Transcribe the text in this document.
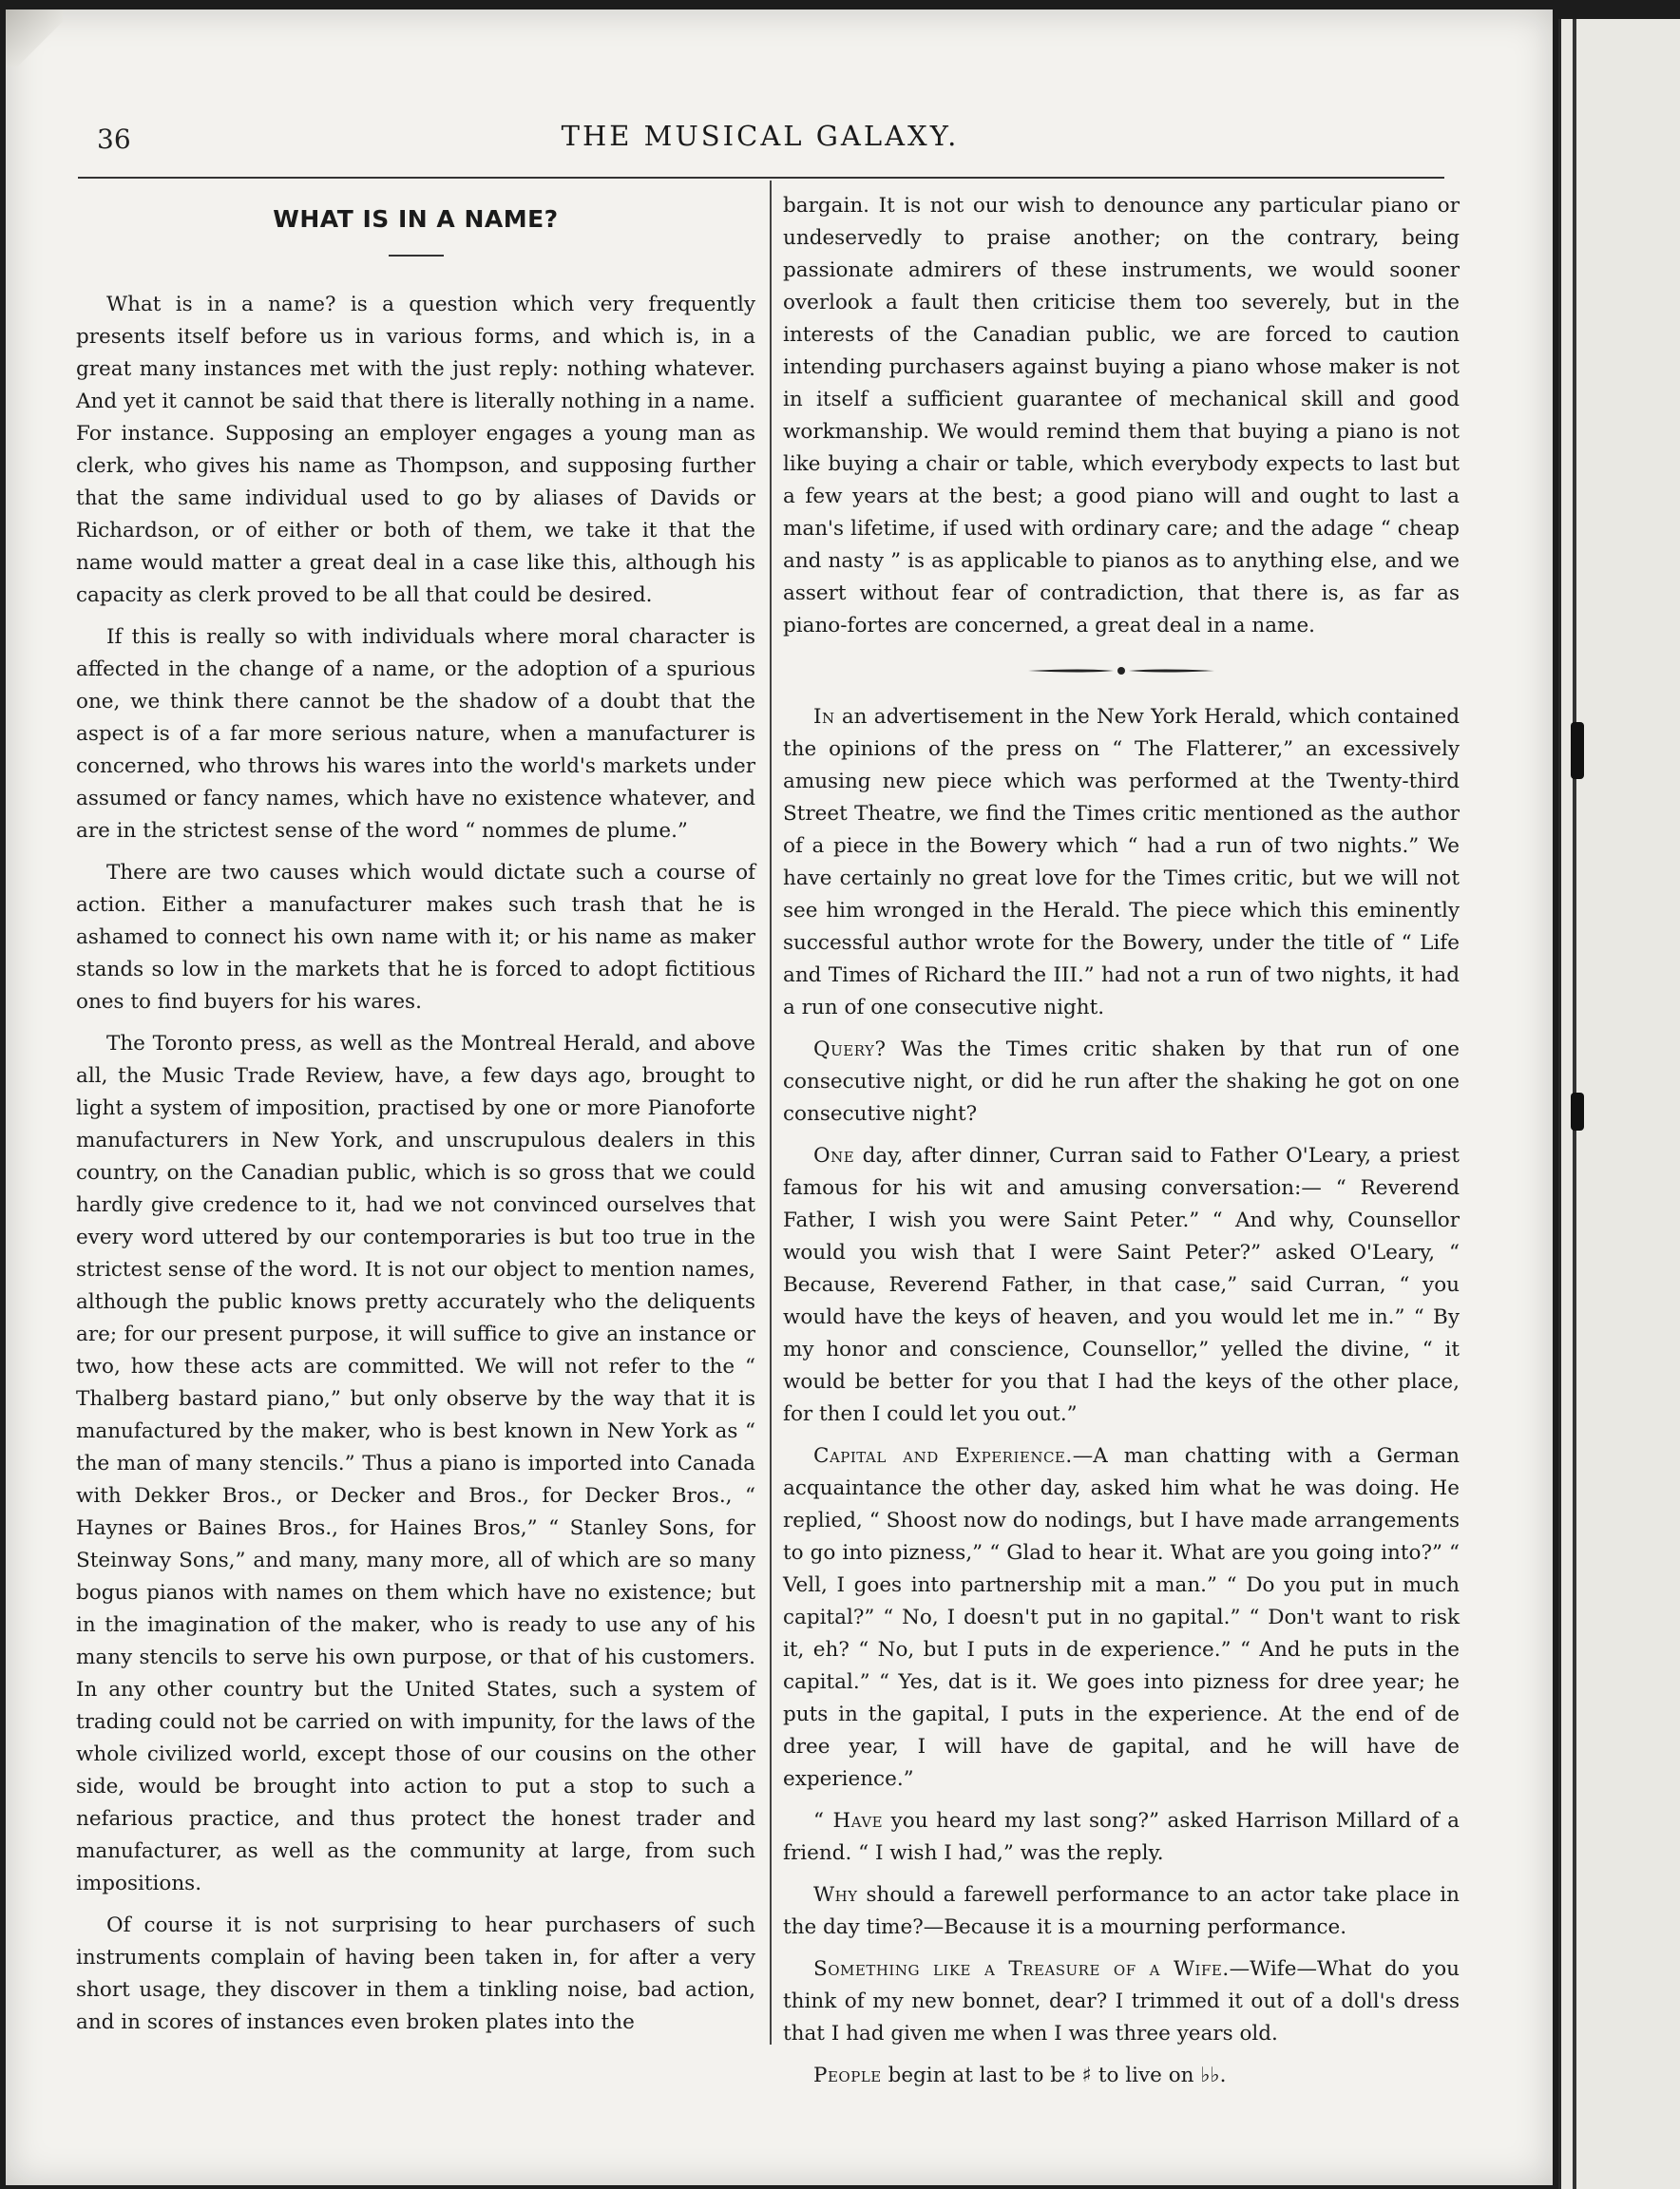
36	THE MUSICAL GALAXY.
WHAT IS IN A NAME?

What is in a name? is a question which very frequently presents itself before us in various forms, and which is, in a great many instances met with the just reply: nothing whatever. And yet it cannot be said that there is literally nothing in a name. For instance. Supposing an employer engages a young man as clerk, who gives his name as Thompson, and supposing further that the same individual used to go by aliases of Davids or Richardson, or of either or both of them, we take it that the name would matter a great deal in a case like this, although his capacity as clerk proved to be all that could be desired.

If this is really so with individuals where moral character is affected in the change of a name, or the adoption of a spurious one, we think there cannot be the shadow of a doubt that the aspect is of a far more serious nature, when a manufacturer is concerned, who throws his wares into the world's markets under assumed or fancy names, which have no existence whatever, and are in the strictest sense of the word “ nommes de plume.”

There are two causes which would dictate such a course of action. Either a manufacturer makes such trash that he is ashamed to connect his own name with it; or his name as maker stands so low in the markets that he is forced to adopt fictitious ones to find buyers for his wares.

The Toronto press, as well as the Montreal Herald, and above all, the Music Trade Review, have, a few days ago, brought to light a system of imposition, practised by one or more Pianoforte manufacturers in New York, and unscrupulous dealers in this country, on the Canadian public, which is so gross that we could hardly give credence to it, had we not convinced ourselves that every word uttered by our contemporaries is but too true in the strictest sense of the word. It is not our object to mention names, although the public knows pretty accurately who the deliquents are; for our present purpose, it will suffice to give an instance or two, how these acts are committed. We will not refer to the “ Thalberg bastard piano,” but only observe by the way that it is manufactured by the maker, who is best known in New York as “ the man of many stencils.” Thus a piano is imported into Canada with Dekker Bros., or Decker and Bros., for Decker Bros., “ Haynes or Baines Bros., for Haines Bros,” “ Stanley Sons, for Steinway Sons,” and many, many more, all of which are so many bogus pianos with names on them which have no existence; but in the imagination of the maker, who is ready to use any of his many stencils to serve his own purpose, or that of his customers. In any other country but the United States, such a system of trading could not be carried on with impunity, for the laws of the whole civilized world, except those of our cousins on the other side, would be brought into action to put a stop to such a nefarious practice, and thus protect the honest trader and manufacturer, as well as the community at large, from such impositions.

Of course it is not surprising to hear purchasers of such instruments complain of having been taken in, for after a very short usage, they discover in them a tinkling noise, bad action, and in scores of instances even broken plates into the

bargain. It is not our wish to denounce any particular piano or undeservedly to praise another; on the contrary, being passionate admirers of these instruments, we would sooner overlook a fault then criticise them too severely, but in the interests of the Canadian public, we are forced to caution intending purchasers against buying a piano whose maker is not in itself a sufficient guarantee of mechanical skill and good workmanship. We would remind them that buying a piano is not like buying a chair or table, which everybody expects to last but a few years at the best; a good piano will and ought to last a man's lifetime, if used with ordinary care; and the adage “ cheap and nasty ” is as applicable to pianos as to anything else, and we assert without fear of contradiction, that there is, as far as piano-fortes are concerned, a great deal in a name.

In an advertisement in the New York Herald, which contained the opinions of the press on “ The Flatterer,” an excessively amusing new piece which was performed at the Twenty-third Street Theatre, we find the Times critic mentioned as the author of a piece in the Bowery which “ had a run of two nights.” We have certainly no great love for the Times critic, but we will not see him wronged in the Herald. The piece which this eminently successful author wrote for the Bowery, under the title of “ Life and Times of Richard the III.” had not a run of two nights, it had a run of one consecutive night.

Query? Was the Times critic shaken by that run of one consecutive night, or did he run after the shaking he got on one consecutive night?

One day, after dinner, Curran said to Father O'Leary, a priest famous for his wit and amusing conversation:— “ Reverend Father, I wish you were Saint Peter.” “ And why, Counsellor would you wish that I were Saint Peter?” asked O'Leary, “ Because, Reverend Father, in that case,” said Curran, “ you would have the keys of heaven, and you would let me in.” “ By my honor and conscience, Counsellor,” yelled the divine, “ it would be better for you that I had the keys of the other place, for then I could let you out.”

Capital and Experience.—A man chatting with a German acquaintance the other day, asked him what he was doing. He replied, “ Shoost now do nodings, but I have made arrangements to go into pizness,” “ Glad to hear it. What are you going into?” “ Vell, I goes into partnership mit a man.” “ Do you put in much capital?” “ No, I doesn't put in no gapital.” “ Don't want to risk it, eh? “ No, but I puts in de experience.” “ And he puts in the capital.” “ Yes, dat is it. We goes into pizness for dree year; he puts in the gapital, I puts in the experience. At the end of de dree year, I will have de gapital, and he will have de experience.”

“ Have you heard my last song?” asked Harrison Millard of a friend. “ I wish I had,” was the reply.

Why should a farewell performance to an actor take place in the day time?—Because it is a mourning performance.

Something like a Treasure of a Wife.—Wife—What do you think of my new bonnet, dear? I trimmed it out of a doll's dress that I had given me when I was three years old.

People begin at last to be ♯ to live on ♭♭.
